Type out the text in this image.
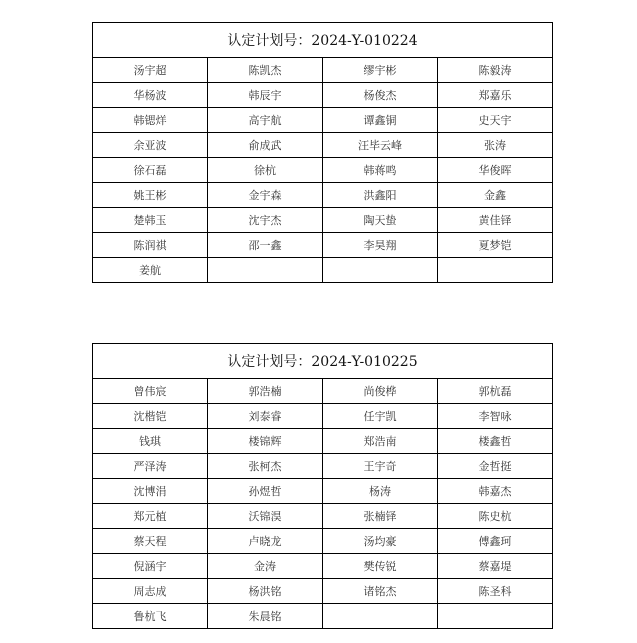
认定计划号：2024-Y-010224			
汤宇超	陈凯杰	缪宇彬	陈毅涛
华杨波	韩辰宇	杨俊杰	郑嘉乐
韩锶烊	高宇航	谭鑫铜	史天宇
余亚波	俞成武	汪毕云峰	张涛
徐石磊	徐杭	韩蒋鸣	华俊晖
姚王彬	金宇森	洪鑫阳	金鑫
楚韩玉	沈宇杰	陶天蛰	黄佳铎
陈润祺	邵一鑫	李昊翔	夏梦铠
姜航			
认定计划号：2024-Y-010225			
曾伟宸	郭浩楠	尚俊桦	郭杭磊
沈楷铠	刘泰睿	任宇凯	李智咏
钱琪	楼锦辉	郑浩南	楼鑫哲
严泽涛	张柯杰	王宇奇	金哲挺
沈博涓	孙煜哲	杨涛	韩嘉杰
郑元植	沃锦淏	张楠铎	陈史杭
蔡天程	卢晓龙	汤均豪	傅鑫珂
倪涵宇	金涛	樊传锐	蔡嘉堤
周志成	杨洪铭	诸铭杰	陈圣科
鲁杭飞	朱晨铭		
